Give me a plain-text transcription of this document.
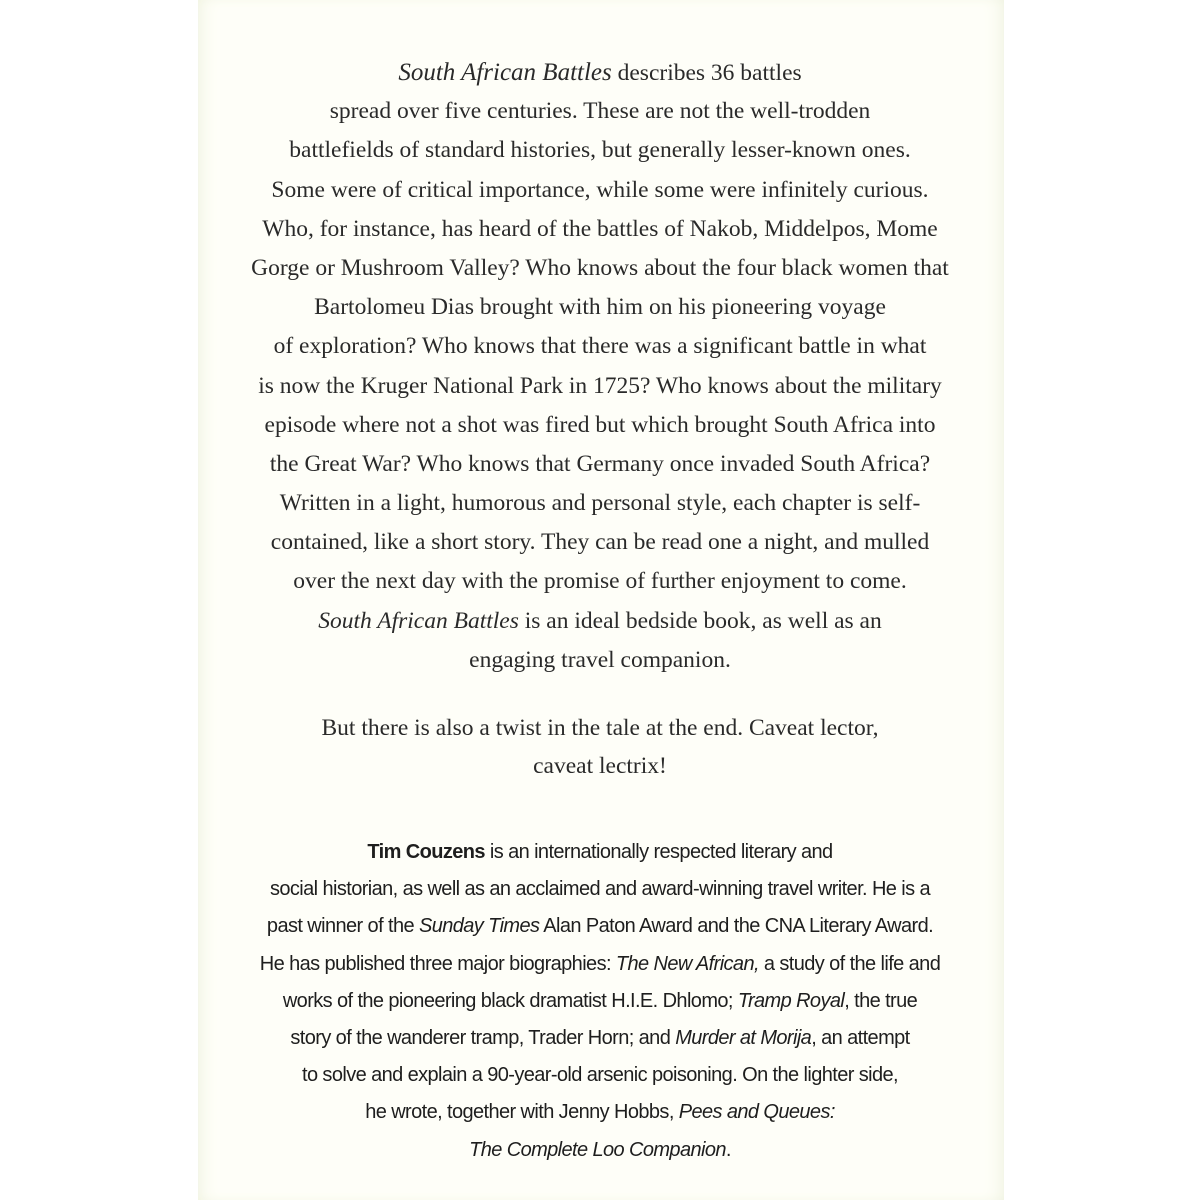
South African Battles describes 36 battles
spread over five centuries. These are not the well-trodden
battlefields of standard histories, but generally lesser-known ones.
Some were of critical importance, while some were infinitely curious.
Who, for instance, has heard of the battles of Nakob, Middelpos, Mome
Gorge or Mushroom Valley? Who knows about the four black women that
Bartolomeu Dias brought with him on his pioneering voyage
of exploration? Who knows that there was a significant battle in what
is now the Kruger National Park in 1725? Who knows about the military
episode where not a shot was fired but which brought South Africa into
the Great War? Who knows that Germany once invaded South Africa?
Written in a light, humorous and personal style, each chapter is self-
contained, like a short story. They can be read one a night, and mulled
over the next day with the promise of further enjoyment to come.
South African Battles is an ideal bedside book, as well as an
engaging travel companion.
But there is also a twist in the tale at the end. Caveat lector,
caveat lectrix!
Tim Couzens is an internationally respected literary and
social historian, as well as an acclaimed and award-winning travel writer. He is a
past winner of the Sunday Times Alan Paton Award and the CNA Literary Award.
He has published three major biographies: The New African, a study of the life and
works of the pioneering black dramatist H.I.E. Dhlomo; Tramp Royal, the true
story of the wanderer tramp, Trader Horn; and Murder at Morija, an attempt
to solve and explain a 90-year-old arsenic poisoning. On the lighter side,
he wrote, together with Jenny Hobbs, Pees and Queues:
The Complete Loo Companion.
